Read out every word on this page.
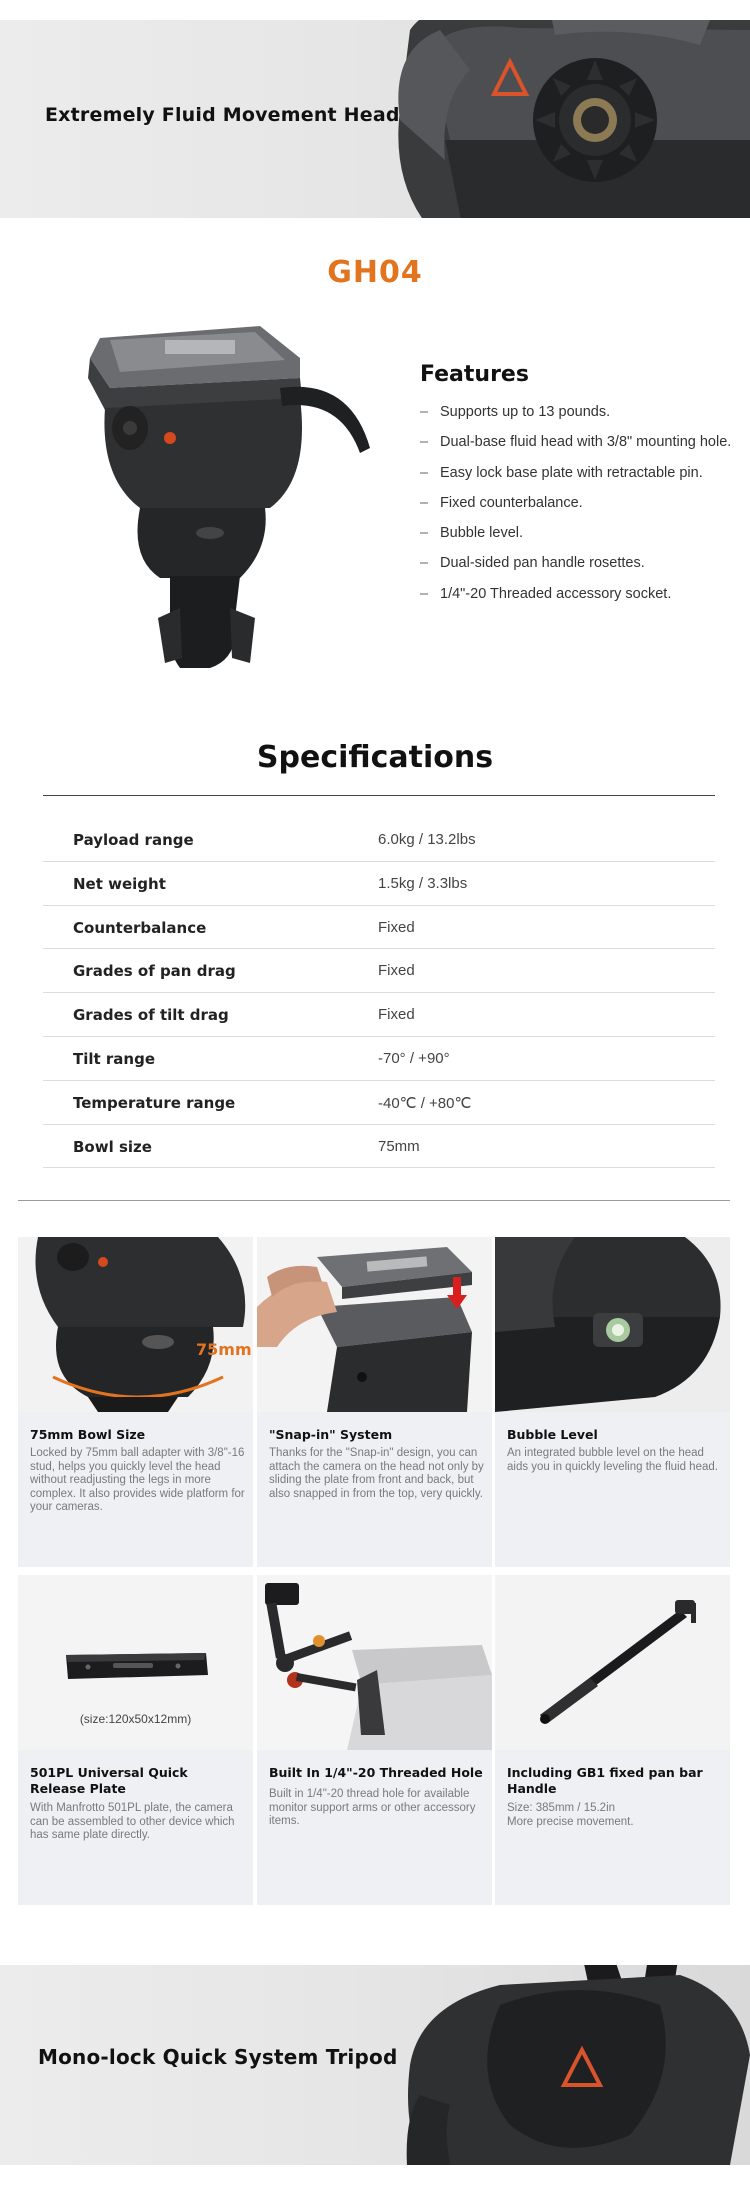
Extremely Fluid Movement Head
GH04
Features
– Supports up to 13 pounds.
– Dual-base fluid head with 3/8" mounting hole.
– Easy lock base plate with retractable pin.
– Fixed counterbalance.
– Bubble level.
– Dual-sided pan handle rosettes.
– 1/4"-20 Threaded accessory socket.
Specifications
Payload range	6.0kg / 13.2lbs
Net weight	1.5kg / 3.3lbs
Counterbalance	Fixed
Grades of pan drag	Fixed
Grades of tilt drag	Fixed
Tilt range	-70° / +90°
Temperature range	-40℃ / +80℃
Bowl size	75mm
75mm
75mm Bowl Size
Locked by 75mm ball adapter with 3/8"-16 stud, helps you quickly level the head without readjusting the legs in more complex. It also provides wide platform for your cameras.
"Snap-in" System
Thanks for the "Snap-in" design, you can attach the camera on the head not only by sliding the plate from front and back, but also snapped in from the top, very quickly.
Bubble Level
An integrated bubble level on the head aids you in quickly leveling the fluid head.
(size:120x50x12mm)
501PL Universal Quick Release Plate
With Manfrotto 501PL plate, the camera can be assembled to other device which has same plate directly.
Built In 1/4"-20 Threaded Hole
Built in 1/4"-20 thread hole for available monitor support arms or other accessory items.
Including GB1 fixed pan bar Handle
Size: 385mm / 15.2in
More precise movement.
Mono-lock Quick System Tripod
